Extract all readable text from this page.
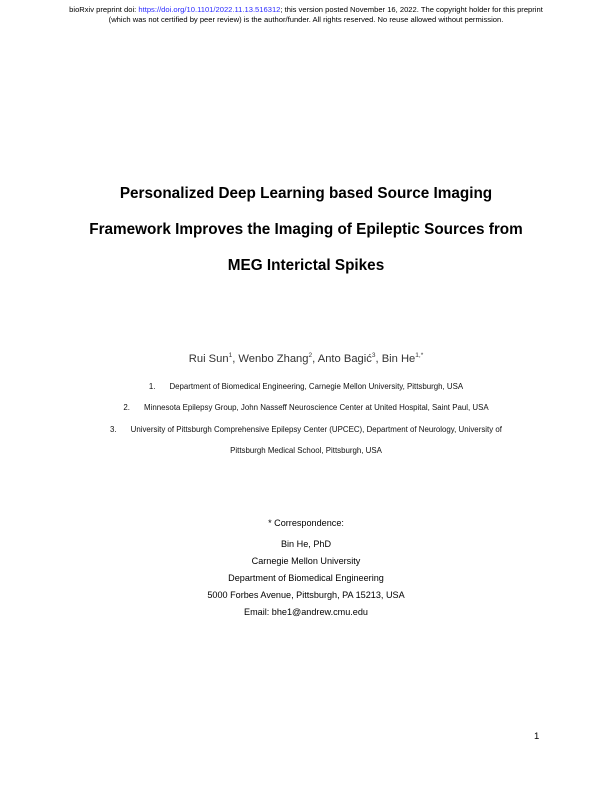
bioRxiv preprint doi: https://doi.org/10.1101/2022.11.13.516312; this version posted November 16, 2022. The copyright holder for this preprint
(which was not certified by peer review) is the author/funder. All rights reserved. No reuse allowed without permission.
Personalized Deep Learning based Source Imaging
Framework Improves the Imaging of Epileptic Sources from
MEG Interictal Spikes
Rui Sun$^1$, Wenbo Zhang$^2$, Anto Bagić$^3$, Bin $He^{1,*}$
1. Department of Biomedical Engineering, Carnegie Mellon University, Pittsburgh, USA
2. Minnesota Epilepsy Group, John Nasseff Neuroscience Center at United Hospital, Saint Paul, USA
3. University of Pittsburgh Comprehensive Epilepsy Center (UPCEC), Department of Neurology, University of
Pittsburgh Medical School, Pittsburgh, USA
* Correspondence:
Bin He, PhD
Carnegie Mellon University
Department of Biomedical Engineering
5000 Forbes Avenue, Pittsburgh, PA 15213, USA
Email: bhe1@andrew.cmu.edu
1
